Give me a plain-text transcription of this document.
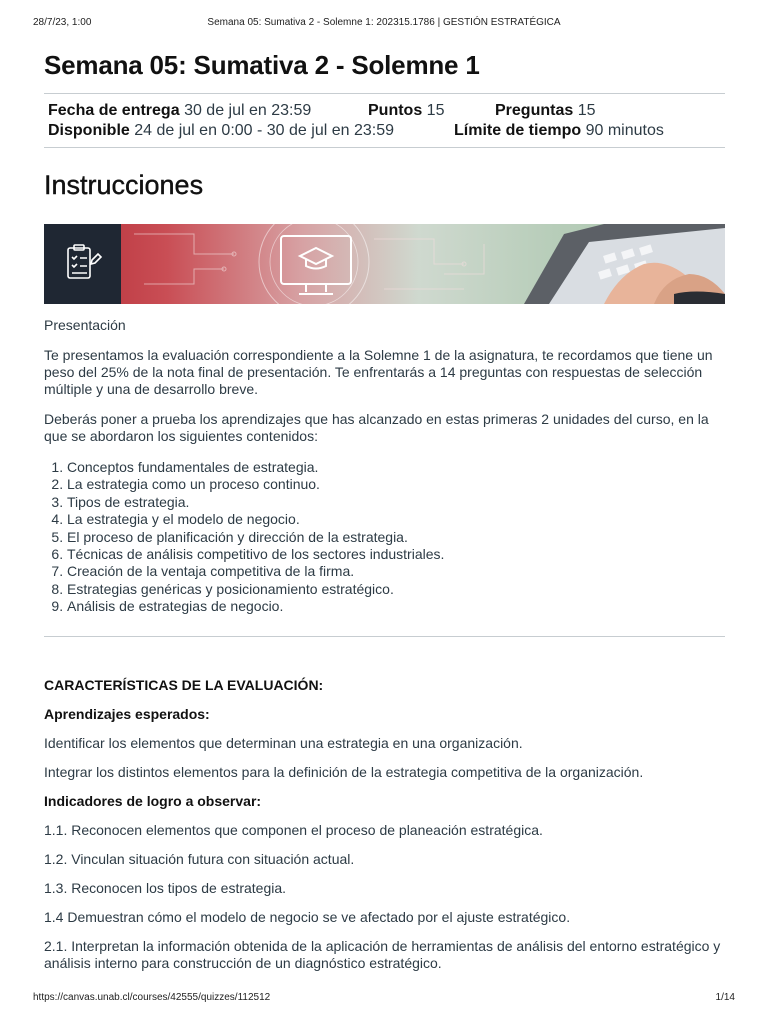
28/7/23, 1:00	Semana 05: Sumativa 2 - Solemne 1: 202315.1786 | GESTIÓN ESTRATÉGICA
Semana 05: Sumativa 2 - Solemne 1
Fecha de entrega 30 de jul en 23:59	Puntos 15	Preguntas 15
Disponible 24 de jul en 0:00 - 30 de jul en 23:59	Límite de tiempo 90 minutos
Instrucciones

Presentación

Te presentamos la evaluación correspondiente a la Solemne 1 de la asignatura, te recordamos que tiene un peso del 25% de la nota final de presentación. Te enfrentarás a 14 preguntas con respuestas de selección múltiple y una de desarrollo breve.

Deberás poner a prueba los aprendizajes que has alcanzado en estas primeras 2 unidades del curso, en la que se abordaron los siguientes contenidos:

1. Conceptos fundamentales de estrategia.
2. La estrategia como un proceso continuo.
3. Tipos de estrategia.
4. La estrategia y el modelo de negocio.
5. El proceso de planificación y dirección de la estrategia.
6. Técnicas de análisis competitivo de los sectores industriales.
7. Creación de la ventaja competitiva de la firma.
8. Estrategias genéricas y posicionamiento estratégico.
9. Análisis de estrategias de negocio.

CARACTERÍSTICAS DE LA EVALUACIÓN:

Aprendizajes esperados:

Identificar los elementos que determinan una estrategia en una organización.

Integrar los distintos elementos para la definición de la estrategia competitiva de la organización.

Indicadores de logro a observar:

1.1. Reconocen elementos que componen el proceso de planeación estratégica.

1.2. Vinculan situación futura con situación actual.

1.3. Reconocen los tipos de estrategia.

1.4 Demuestran cómo el modelo de negocio se ve afectado por el ajuste estratégico.

2.1. Interpretan la información obtenida de la aplicación de herramientas de análisis del entorno estratégico y análisis interno para construcción de un diagnóstico estratégico.

https://canvas.unab.cl/courses/42555/quizzes/112512	1/14
